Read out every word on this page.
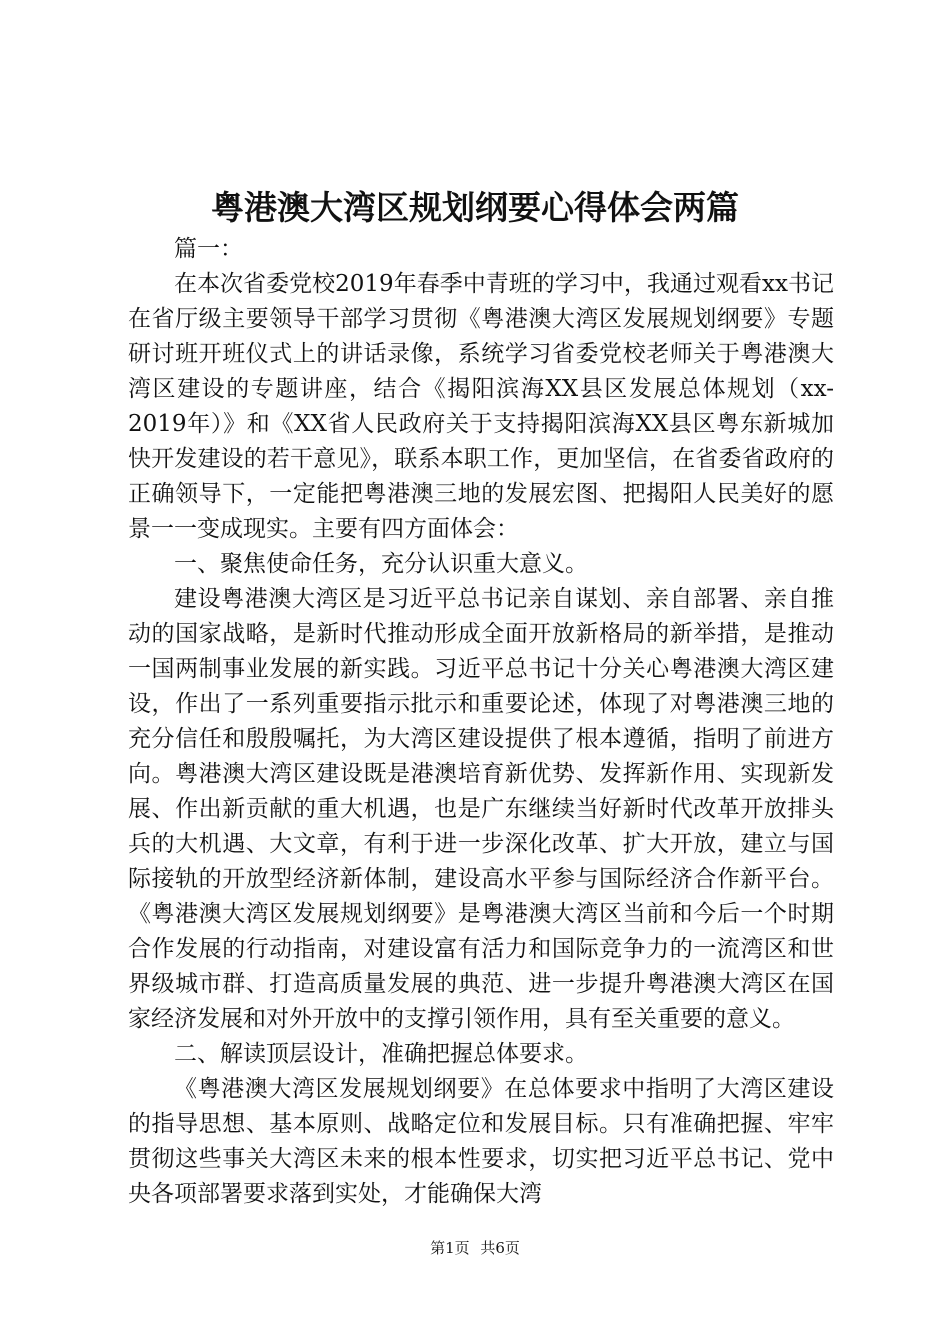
粤港澳大湾区规划纲要心得体会两篇

篇一：

在本次省委党校2019年春季中青班的学习中，我通过观看xx书记在省厅级主要领导干部学习贯彻《粤港澳大湾区发展规划纲要》专题研讨班开班仪式上的讲话录像，系统学习省委党校老师关于粤港澳大湾区建设的专题讲座，结合《揭阳滨海XX县区发展总体规划（xx-2019年）》和《XX省人民政府关于支持揭阳滨海XX县区粤东新城加快开发建设的若干意见》，联系本职工作，更加坚信，在省委省政府的正确领导下，一定能把粤港澳三地的发展宏图、把揭阳人民美好的愿景一一变成现实。主要有四方面体会：

一、聚焦使命任务，充分认识重大意义。

建设粤港澳大湾区是习近平总书记亲自谋划、亲自部署、亲自推动的国家战略，是新时代推动形成全面开放新格局的新举措，是推动一国两制事业发展的新实践。习近平总书记十分关心粤港澳大湾区建设，作出了一系列重要指示批示和重要论述，体现了对粤港澳三地的充分信任和殷殷嘱托，为大湾区建设提供了根本遵循，指明了前进方向。粤港澳大湾区建设既是港澳培育新优势、发挥新作用、实现新发展、作出新贡献的重大机遇，也是广东继续当好新时代改革开放排头兵的大机遇、大文章，有利于进一步深化改革、扩大开放，建立与国际接轨的开放型经济新体制，建设高水平参与国际经济合作新平台。《粤港澳大湾区发展规划纲要》是粤港澳大湾区当前和今后一个时期合作发展的行动指南，对建设富有活力和国际竞争力的一流湾区和世界级城市群、打造高质量发展的典范、进一步提升粤港澳大湾区在国家经济发展和对外开放中的支撑引领作用，具有至关重要的意义。

二、解读顶层设计，准确把握总体要求。

《粤港澳大湾区发展规划纲要》在总体要求中指明了大湾区建设的指导思想、基本原则、战略定位和发展目标。只有准确把握、牢牢贯彻这些事关大湾区未来的根本性要求，切实把习近平总书记、党中央各项部署要求落到实处，才能确保大湾

第1页 共6页
